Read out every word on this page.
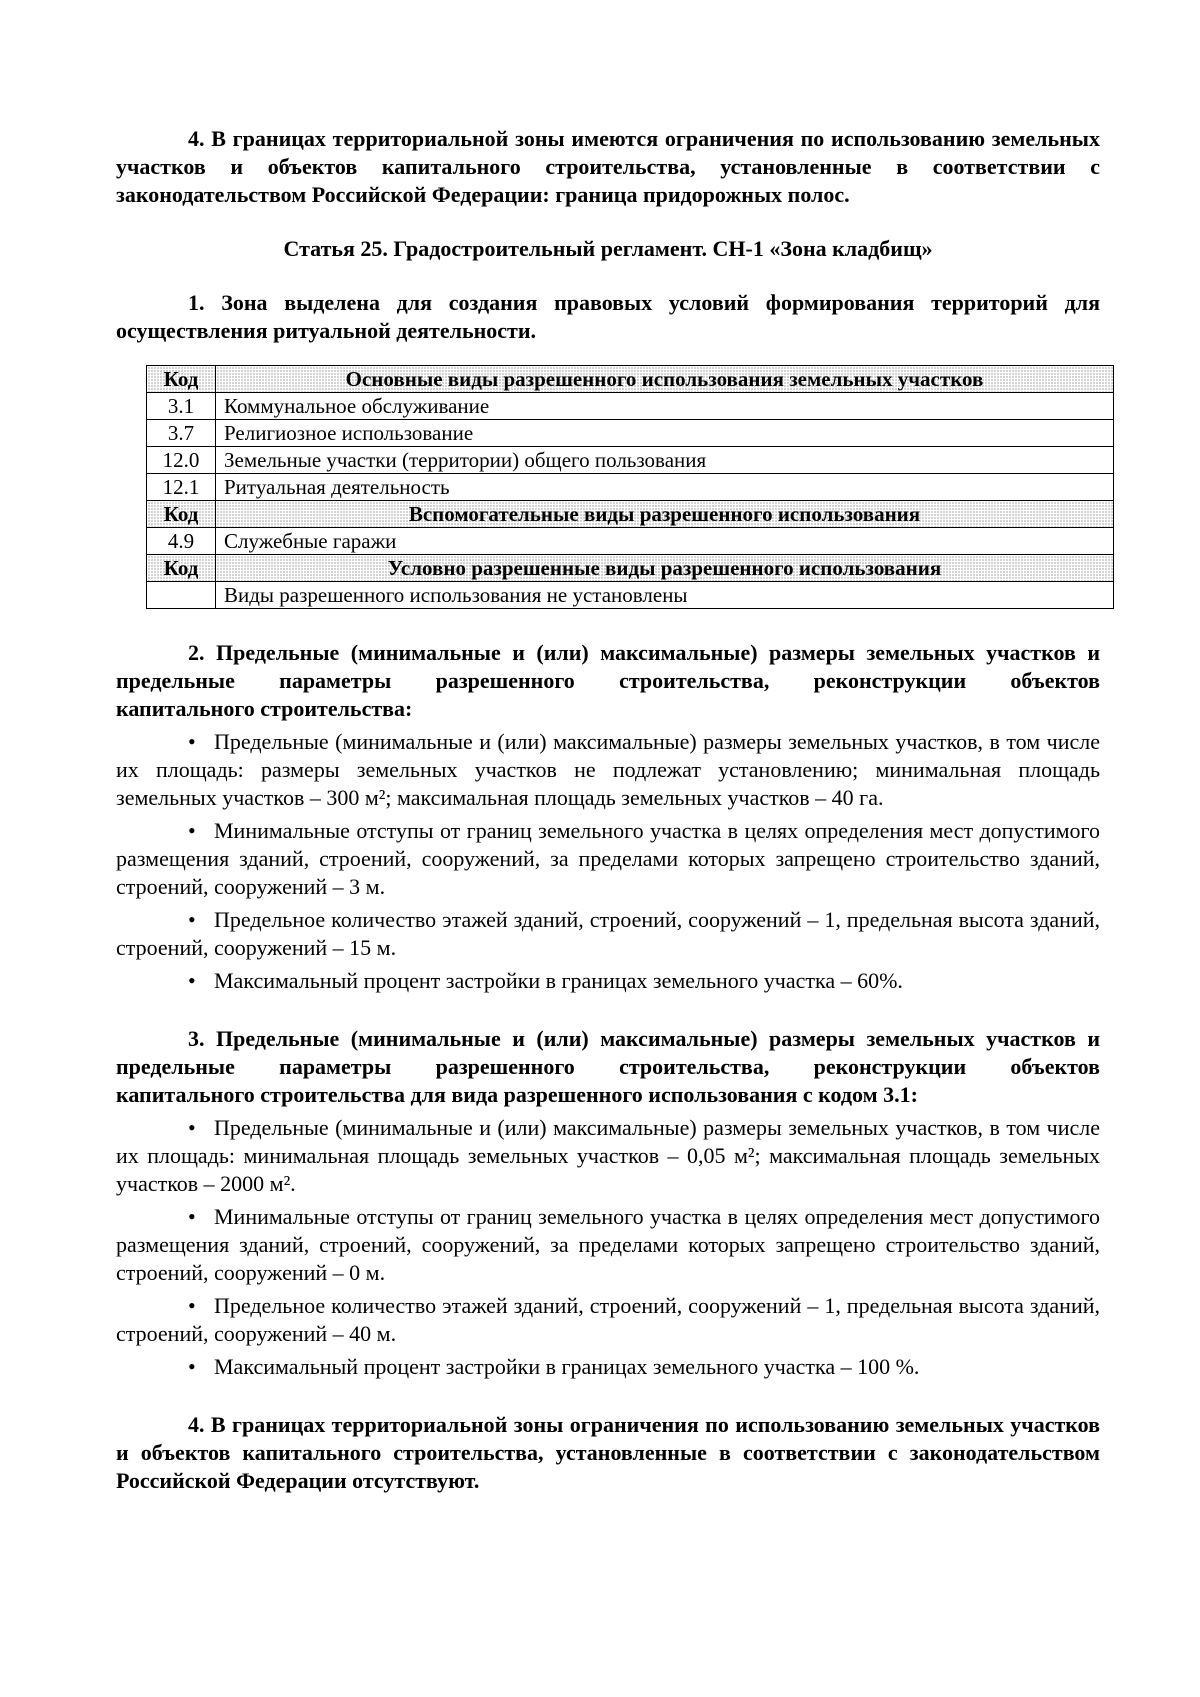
4. В границах территориальной зоны имеются ограничения по использованию земельных участков и объектов капитального строительства, установленные в соответствии с законодательством Российской Федерации: граница придорожных полос.

Статья 25. Градостроительный регламент. СН-1 «Зона кладбищ»

1. Зона выделена для создания правовых условий формирования территорий для осуществления ритуальной деятельности.

Код	Основные виды разрешенного использования земельных участков
3.1	Коммунальное обслуживание
3.7	Религиозное использование
12.0	Земельные участки (территории) общего пользования
12.1	Ритуальная деятельность
Код	Вспомогательные виды разрешенного использования
4.9	Служебные гаражи
Код	Условно разрешенные виды разрешенного использования
	Виды разрешенного использования не установлены

2. Предельные (минимальные и (или) максимальные) размеры земельных участков и

предельные параметры разрешенного строительства, реконструкции объектов

капитального строительства:

• Предельные (минимальные и (или) максимальные) размеры земельных участков, в том числе их площадь: размеры земельных участков не подлежат установлению; минимальная площадь земельных участков – 300 м²; максимальная площадь земельных участков – 40 га.

• Минимальные отступы от границ земельного участка в целях определения мест допустимого размещения зданий, строений, сооружений, за пределами которых запрещено строительство зданий, строений, сооружений – 3 м.

• Предельное количество этажей зданий, строений, сооружений – 1, предельная высота зданий, строений, сооружений – 15 м.

• Максимальный процент застройки в границах земельного участка – 60%.

3. Предельные (минимальные и (или) максимальные) размеры земельных участков и

предельные параметры разрешенного строительства, реконструкции объектов

капитального строительства для вида разрешенного использования с кодом 3.1:

• Предельные (минимальные и (или) максимальные) размеры земельных участков, в том числе их площадь: минимальная площадь земельных участков – 0,05 м²; максимальная площадь земельных участков – 2000 м².

• Минимальные отступы от границ земельного участка в целях определения мест допустимого размещения зданий, строений, сооружений, за пределами которых запрещено строительство зданий, строений, сооружений – 0 м.

• Предельное количество этажей зданий, строений, сооружений – 1, предельная высота зданий, строений, сооружений – 40 м.

• Максимальный процент застройки в границах земельного участка – 100 %.

4. В границах территориальной зоны ограничения по использованию земельных участков и объектов капитального строительства, установленные в соответствии с законодательством Российской Федерации отсутствуют.
